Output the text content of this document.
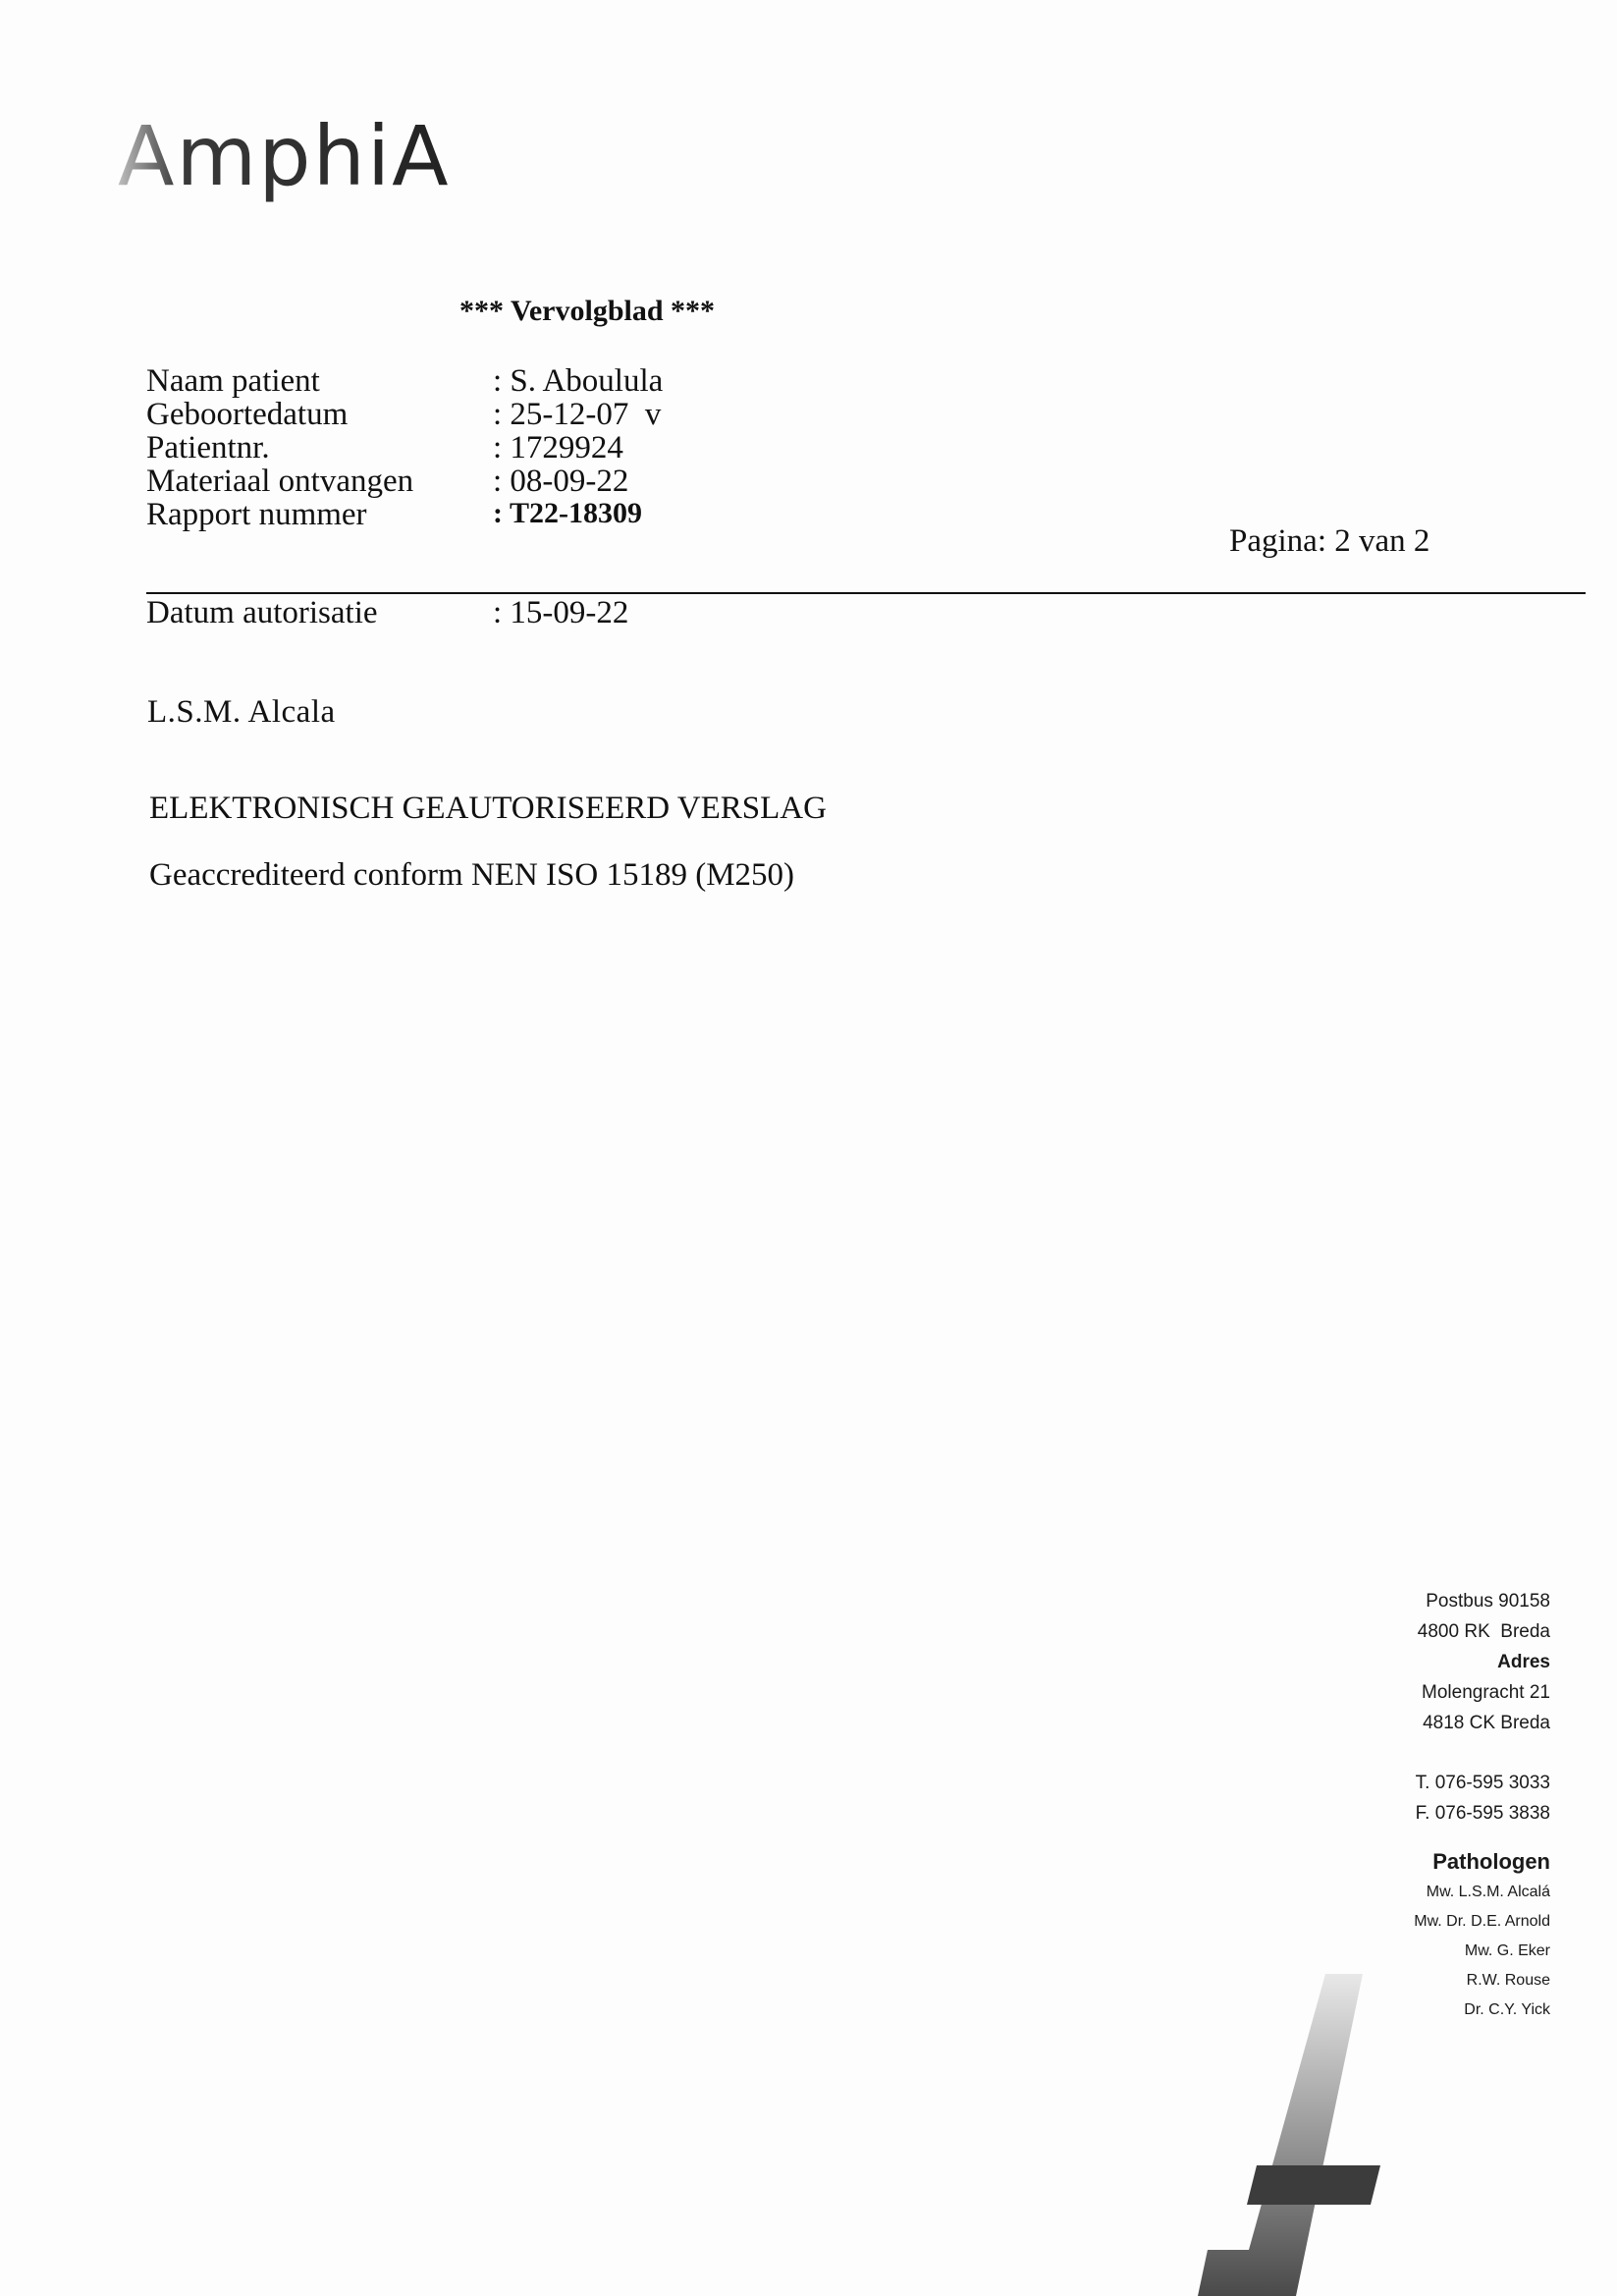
AmphiA
*** Vervolgblad ***
Naam patient	: S. Aboulula
Geboortedatum	: 25-12-07  v
Patientnr.	: 1729924
Materiaal ontvangen : 08-09-22
Rapport nummer	: T22-18309
Pagina: 2 van 2
Datum autorisatie	: 15-09-22
L.S.M. Alcala
ELEKTRONISCH GEAUTORISEERD VERSLAG
Geaccrediteerd conform NEN ISO 15189 (M250)
Postbus 90158
4800 RK  Breda
Adres
Molengracht 21
4818 CK Breda
T. 076-595 3033
F. 076-595 3838
Pathologen
Mw. L.S.M. Alcalá
Mw. Dr. D.E. Arnold
Mw. G. Eker
R.W. Rouse
Dr. C.Y. Yick
